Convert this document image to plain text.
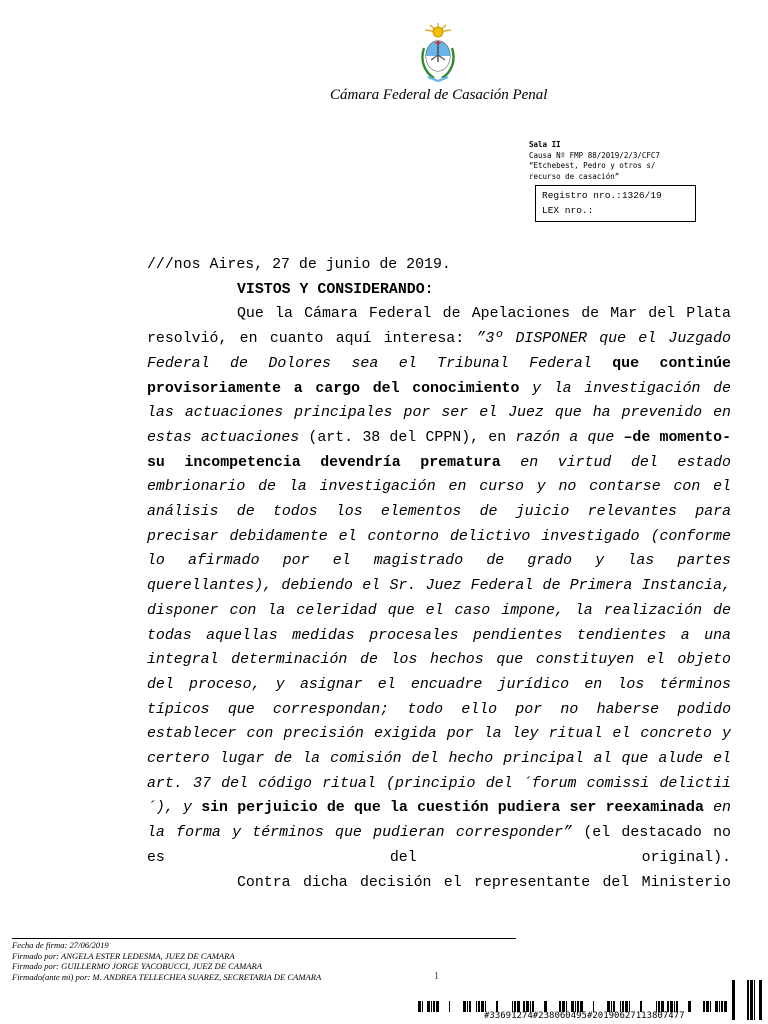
Cámara Federal de Casación Penal
Sala II
Causa Nº FMP 88/2019/2/3/CFC7
“Etchebest, Pedro y otros s/
recurso de casación”
Registro nro.:1326/19
LEX nro.:

///nos Aires, 27 de junio de 2019.

VISTOS Y CONSIDERANDO:

Que la Cámara Federal de Apelaciones de Mar del Plata resolvió, en cuanto aquí interesa: ”3º DISPONER que el Juzgado Federal de Dolores sea el Tribunal Federal que continúe provisoriamente a cargo del conocimiento y la investigación de las actuaciones principales por ser el Juez que ha prevenido en estas actuaciones (art. 38 del CPPN), en razón a que –de momento- su incompetencia devendría prematura en virtud del estado embrionario de la investigación en curso y no contarse con el análisis de todos los elementos de juicio relevantes para precisar debidamente el contorno delictivo investigado (conforme lo afirmado por el magistrado de grado y las partes querellantes), debiendo el Sr. Juez Federal de Primera Instancia, disponer con la celeridad que el caso impone, la realización de todas aquellas medidas procesales pendientes tendientes a una integral determinación de los hechos que constituyen el objeto del proceso, y asignar el encuadre jurídico en los términos típicos que correspondan; todo ello por no haberse podido establecer con precisión exigida por la ley ritual el concreto y certero lugar de la comisión del hecho principal al que alude el art. 37 del código ritual (principio del ´forum comissi delictii´), y sin perjuicio de que la cuestión pudiera ser reexaminada en la forma y términos que pudieran corresponder” (el destacado no es del original).

Contra dicha decisión el representante del Ministerio

Fecha de firma: 27/06/2019
Firmado por: ANGELA ESTER LEDESMA, JUEZ DE CAMARA
Firmado por: GUILLERMO JORGE YACOBUCCI, JUEZ DE CAMARA
Firmado(ante mi) por: M. ANDREA TELLECHEA SUAREZ, SECRETARIA DE CAMARA	1
#33691274#238060495#20190627113807477
